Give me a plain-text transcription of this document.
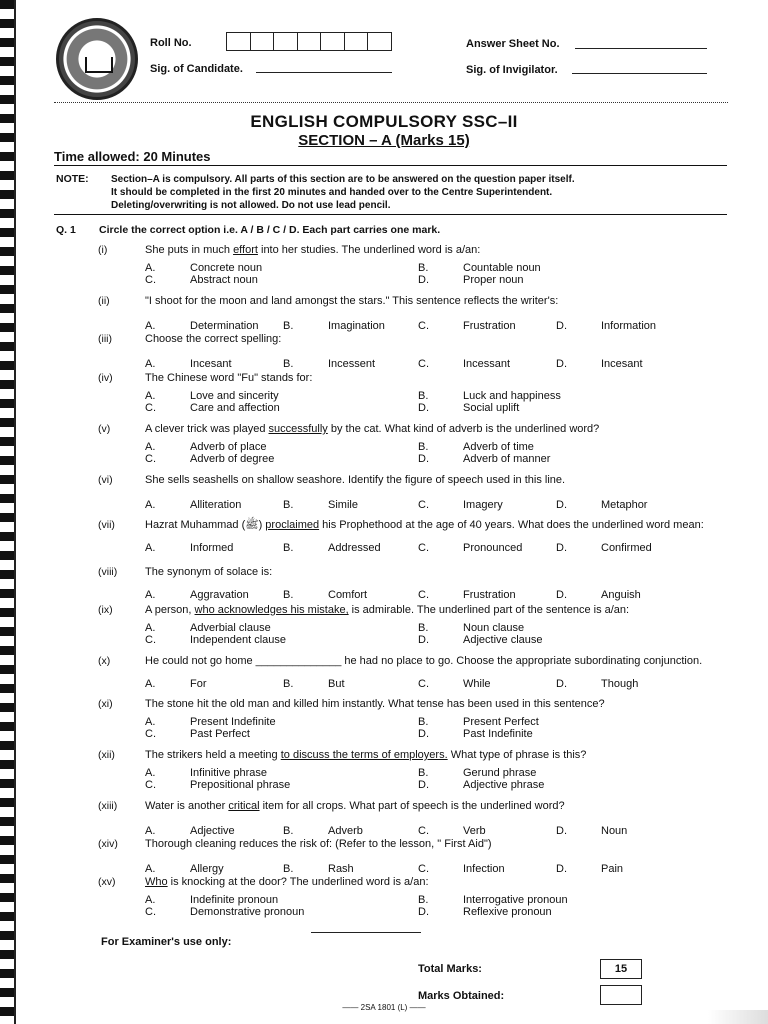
Roll No.	Answer Sheet No.
Sig. of Candidate.	Sig. of Invigilator.
ENGLISH COMPULSORY SSC–II
SECTION – A (Marks 15)
Time allowed: 20 Minutes
NOTE: Section–A is compulsory. All parts of this section are to be answered on the question paper itself.
It should be completed in the first 20 minutes and handed over to the Centre Superintendent.
Deleting/overwriting is not allowed. Do not use lead pencil.
Q. 1 Circle the correct option i.e. A / B / C / D. Each part carries one mark.
(i)	She puts in much effort into her studies. The underlined word is a/an:
A.	Concrete noun	B.	Countable noun
C.	Abstract noun	D.	Proper noun
(ii)	"I shoot for the moon and land amongst the stars." This sentence reflects the writer's:
A.	Determination B.	Imagination	C.	Frustration	D.	Information
(iii)	Choose the correct spelling:
A.	Incesant	B.	Incessent	C.	Incessant	D.	Incesant
(iv)	The Chinese word "Fu" stands for:
A.	Love and sincerity	B.	Luck and happiness
C.	Care and affection	D.	Social uplift
(v)	A clever trick was played successfully by the cat. What kind of adverb is the underlined word?
A.	Adverb of place	B.	Adverb of time
C.	Adverb of degree	D.	Adverb of manner
(vi)	She sells seashells on shallow seashore. Identify the figure of speech used in this line.
A.	Alliteration	B.	Simile	C.	Imagery	D.	Metaphor
(vii)	Hazrat Muhammad (ﷺ) proclaimed his Prophethood at the age of 40 years. What does the underlined word mean:
A.	Informed	B.	Addressed	C.	Pronounced	D.	Confirmed
(viii)	The synonym of solace is:
A.	Aggravation	B.	Comfort	C.	Frustration	D.	Anguish
(ix)	A person, who acknowledges his mistake, is admirable. The underlined part of the sentence is a/an:
A.	Adverbial clause	B.	Noun clause
C.	Independent clause	D.	Adjective clause
(x)	He could not go home ______________ he had no place to go. Choose the appropriate subordinating conjunction.
A.	For	B.	But	C.	While	D.	Though
(xi)	The stone hit the old man and killed him instantly. What tense has been used in this sentence?
A.	Present Indefinite	B.	Present Perfect
C.	Past Perfect	D.	Past Indefinite
(xii)	The strikers held a meeting to discuss the terms of employers. What type of phrase is this?
A.	Infinitive phrase	B.	Gerund phrase
C.	Prepositional phrase	D.	Adjective phrase
(xiii)	Water is another critical item for all crops. What part of speech is the underlined word?
A.	Adjective	B.	Adverb	C.	Verb	D.	Noun
(xiv) Thorough cleaning reduces the risk of: (Refer to the lesson, " First Aid")
A.	Allergy	B.	Rash	C.	Infection	D.	Pain
(xv)	Who is knocking at the door? The underlined word is a/an:
A.	Indefinite pronoun	B.	Interrogative pronoun
C.	Demonstrative pronoun	D.	Reflexive pronoun
For Examiner's use only:
Total Marks:	15
Marks Obtained:
—— 2SA 1801 (L) ——
